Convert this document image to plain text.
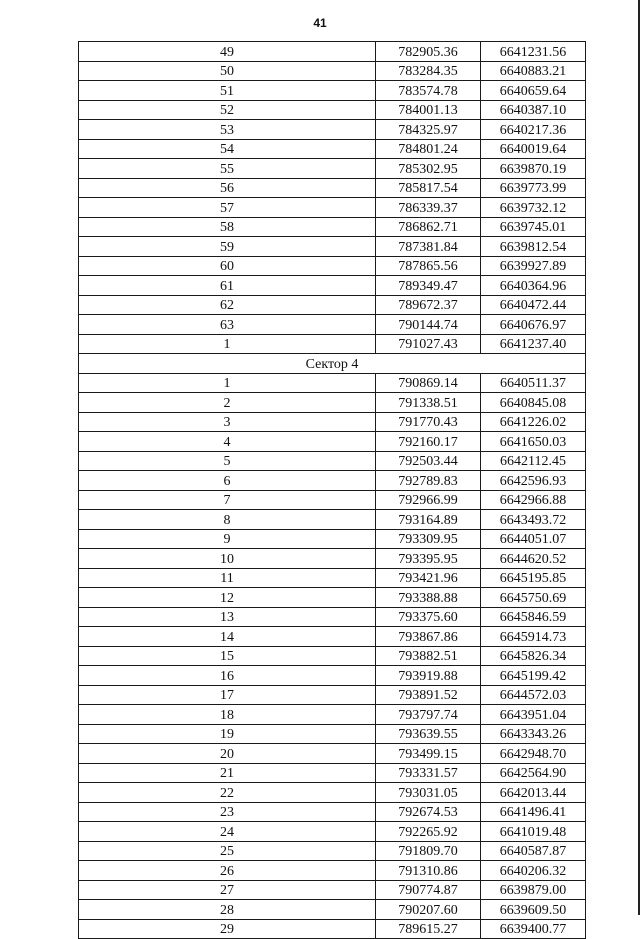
41
49	782905.36	6641231.56
50	783284.35	6640883.21
51	783574.78	6640659.64
52	784001.13	6640387.10
53	784325.97	6640217.36
54	784801.24	6640019.64
55	785302.95	6639870.19
56	785817.54	6639773.99
57	786339.37	6639732.12
58	786862.71	6639745.01
59	787381.84	6639812.54
60	787865.56	6639927.89
61	789349.47	6640364.96
62	789672.37	6640472.44
63	790144.74	6640676.97
1	791027.43	6641237.40
Сектор 4		
1	790869.14	6640511.37
2	791338.51	6640845.08
3	791770.43	6641226.02
4	792160.17	6641650.03
5	792503.44	6642112.45
6	792789.83	6642596.93
7	792966.99	6642966.88
8	793164.89	6643493.72
9	793309.95	6644051.07
10	793395.95	6644620.52
11	793421.96	6645195.85
12	793388.88	6645750.69
13	793375.60	6645846.59
14	793867.86	6645914.73
15	793882.51	6645826.34
16	793919.88	6645199.42
17	793891.52	6644572.03
18	793797.74	6643951.04
19	793639.55	6643343.26
20	793499.15	6642948.70
21	793331.57	6642564.90
22	793031.05	6642013.44
23	792674.53	6641496.41
24	792265.92	6641019.48
25	791809.70	6640587.87
26	791310.86	6640206.32
27	790774.87	6639879.00
28	790207.60	6639609.50
29	789615.27	6639400.77
